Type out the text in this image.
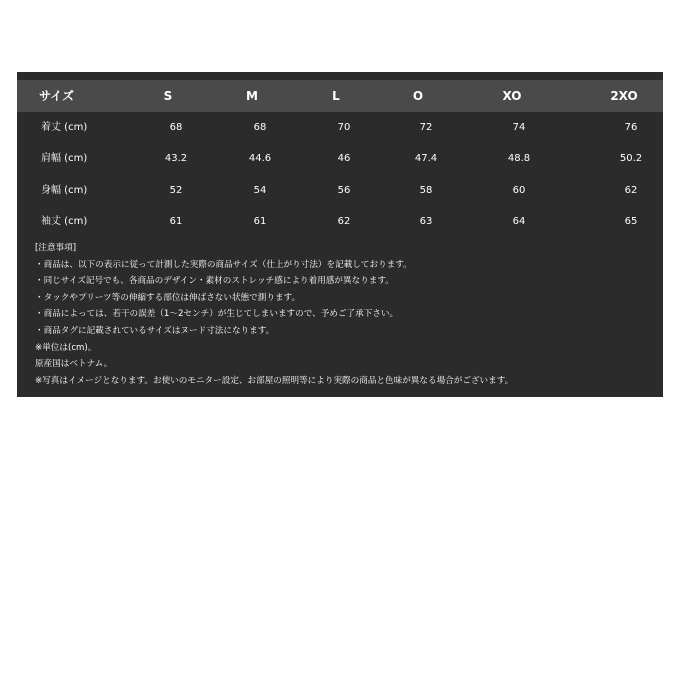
サイズ	S	M	L	O	XO	2XO
着丈 (cm)	68	68	70	72	74	76
肩幅 (cm)	43.2	44.6	46	47.4	48.8	50.2
身幅 (cm)	52	54	56	58	60	62
袖丈 (cm)	61	61	62	63	64	65
[注意事項]
・商品は、以下の表示に従って計測した実際の商品サイズ（仕上がり寸法）を記載しております。
・同じサイズ記号でも、各商品のデザイン・素材のストレッチ感により着用感が異なります。
・タックやプリーツ等の伸縮する部位は伸ばさない状態で測ります。
・商品によっては、若干の誤差（1〜2センチ）が生じてしまいますので、予めご了承下さい。
・商品タグに記載されているサイズはヌード寸法になります。
※単位は(cm)。
原産国はベトナム。
※写真はイメージとなります。お使いのモニター設定、お部屋の照明等により実際の商品と色味が異なる場合がございます。
